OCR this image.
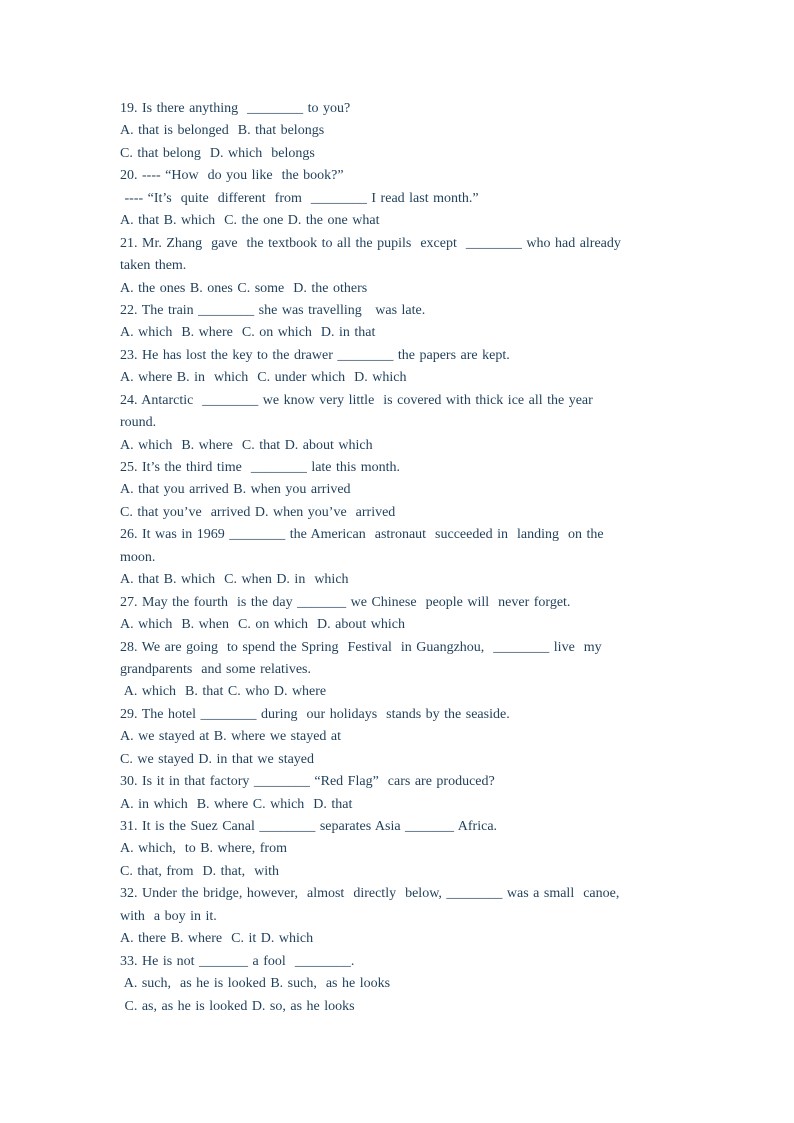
19. Is there anything  ________ to you?
A. that is belonged  B. that belongs
C. that belong  D. which  belongs
20. ---- “How  do you like  the book?”
---- “It’s  quite  different  from  ________ I read last month.”
A. that B. which  C. the one D. the one what
21. Mr. Zhang  gave  the textbook to all the pupils  except  ________ who had already
taken them.
A. the ones B. ones C. some  D. the others
22. The train ________ she was travelling   was late.
A. which  B. where  C. on which  D. in that
23. He has lost the key to the drawer ________ the papers are kept.
A. where B. in  which  C. under which  D. which
24. Antarctic  ________ we know very little  is covered with thick ice all the year
round.
A. which  B. where  C. that D. about which
25. It’s the third time  ________ late this month.
A. that you arrived B. when you arrived
C. that you’ve  arrived D. when you’ve  arrived
26. It was in 1969 ________ the American  astronaut  succeeded in  landing  on the
moon.
A. that B. which  C. when D. in  which
27. May the fourth  is the day _______ we Chinese  people will  never forget.
A. which  B. when  C. on which  D. about which
28. We are going  to spend the Spring  Festival  in Guangzhou,  ________ live  my
grandparents  and some relatives.
A. which  B. that C. who D. where
29. The hotel ________ during  our holidays  stands by the seaside.
A. we stayed at B. where we stayed at
C. we stayed D. in that we stayed
30. Is it in that factory ________ “Red Flag”  cars are produced?
A. in which  B. where C. which  D. that
31. It is the Suez Canal ________ separates Asia _______ Africa.
A. which,  to B. where, from
C. that, from  D. that,  with
32. Under the bridge, however,  almost  directly  below, ________ was a small  canoe,
with  a boy in it.
A. there B. where  C. it D. which
33. He is not _______ a fool  ________.
A. such,  as he is looked B. such,  as he looks
C. as, as he is looked D. so, as he looks
